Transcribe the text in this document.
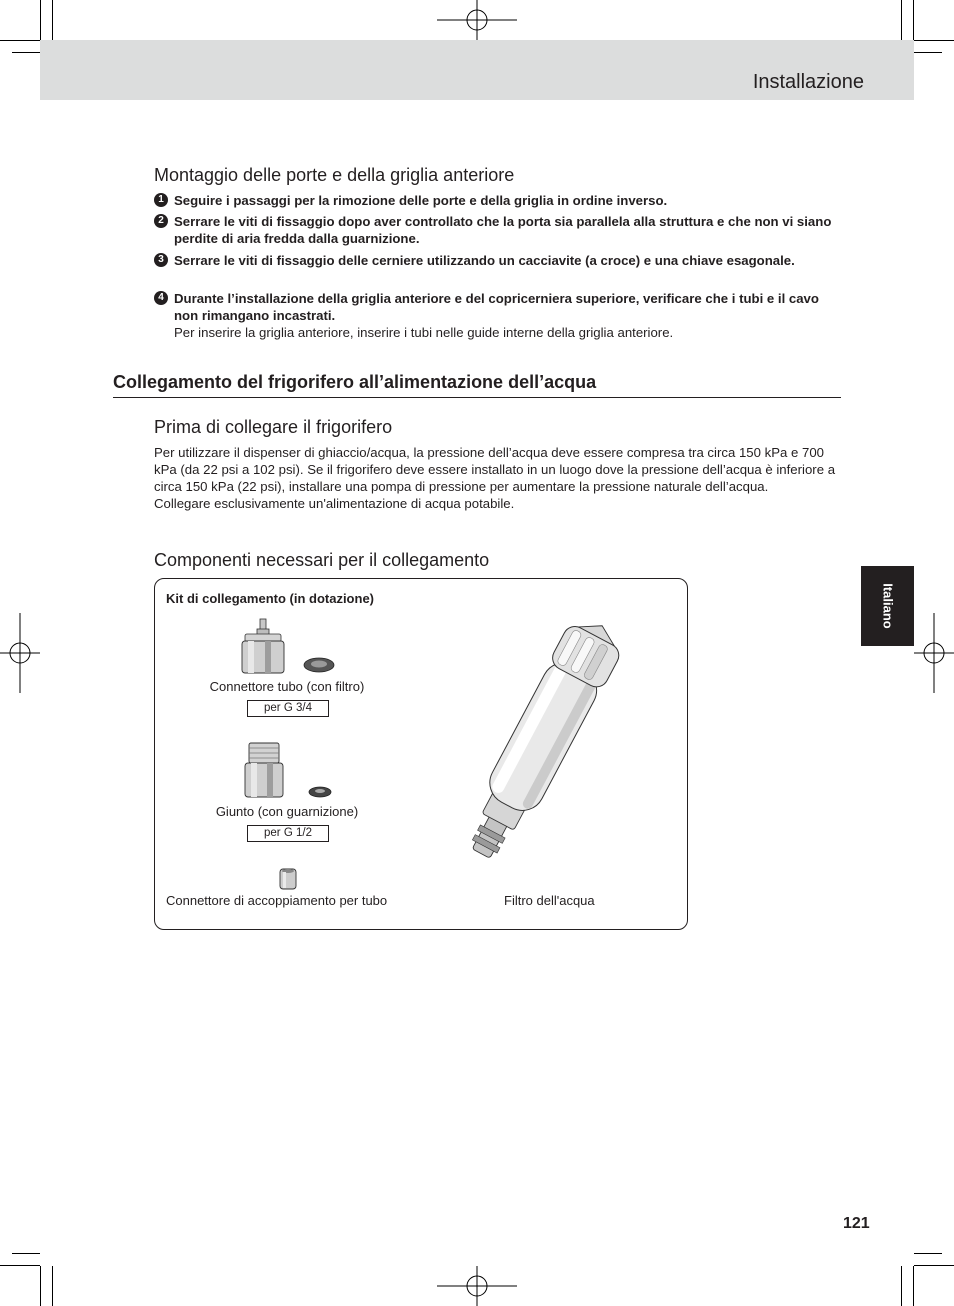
Installazione
Italiano
Montaggio delle porte e della griglia anteriore
1 Seguire i passaggi per la rimozione delle porte e della griglia in ordine inverso.
2 Serrare le viti di fissaggio dopo aver controllato che la porta sia parallela alla struttura e che non vi siano perdite di aria fredda dalla guarnizione.
3 Serrare le viti di fissaggio delle cerniere utilizzando un cacciavite (a croce) e una chiave esagonale.
4 Durante l’installazione della griglia anteriore e del copricerniera superiore, verificare che i tubi e il cavo non rimangano incastrati.
Per inserire la griglia anteriore, inserire i tubi nelle guide interne della griglia anteriore.
Collegamento del frigorifero all’alimentazione dell’acqua
Prima di collegare il frigorifero
Per utilizzare il dispenser di ghiaccio/acqua, la pressione dell’acqua deve essere compresa tra circa 150 kPa e 700 kPa (da 22 psi a 102 psi). Se il frigorifero deve essere installato in un luogo dove la pressione dell’acqua è inferiore a circa 150 kPa (22 psi), installare una pompa di pressione per aumentare la pressione naturale dell’acqua.
Collegare esclusivamente un'alimentazione di acqua potabile.
Componenti necessari per il collegamento
Kit di collegamento (in dotazione)
Connettore tubo (con filtro)
per G 3/4
Giunto (con guarnizione)
per G 1/2
Connettore di accoppiamento per tubo	Filtro dell'acqua
121
